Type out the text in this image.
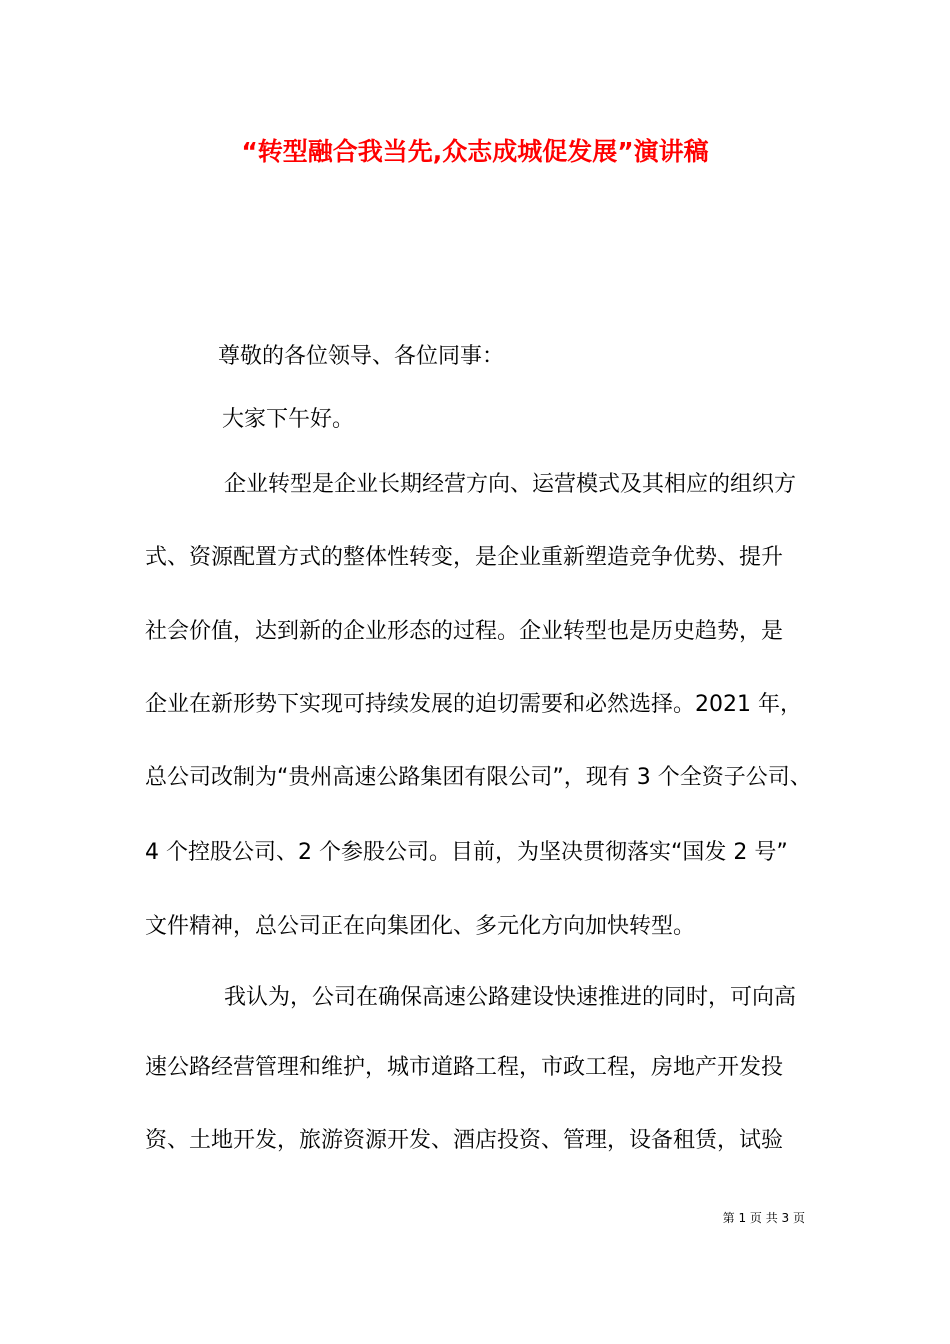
“转型融合我当先,众志成城促发展”演讲稿
尊敬的各位领导、各位同事：
大家下午好。
企业转型是企业长期经营方向、运营模式及其相应的组织方
式、资源配置方式的整体性转变，是企业重新塑造竞争优势、提升
社会价值，达到新的企业形态的过程。企业转型也是历史趋势，是
企业在新形势下实现可持续发展的迫切需要和必然选择。2021 年，
总公司改制为“贵州高速公路集团有限公司”，现有 3 个全资子公司、
4 个控股公司、2 个参股公司。目前，为坚决贯彻落实“国发 2 号”
文件精神，总公司正在向集团化、多元化方向加快转型。
我认为，公司在确保高速公路建设快速推进的同时，可向高
速公路经营管理和维护，城市道路工程，市政工程，房地产开发投
资、土地开发，旅游资源开发、酒店投资、管理，设备租赁，试验
第 1 页 共 3 页
